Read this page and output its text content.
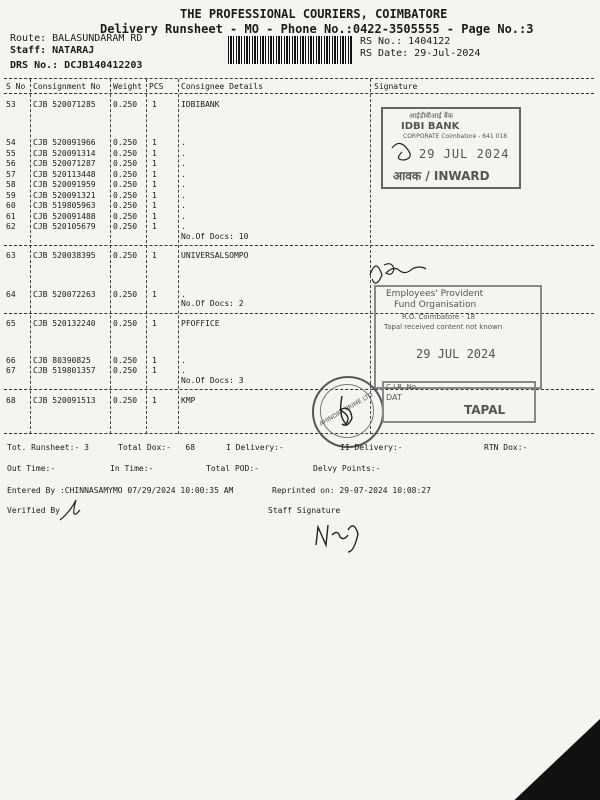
THE PROFESSIONAL COURIERS, COIMBATORE
Delivery Runsheet - MO - Phone No.:0422-3505555 - Page No.:3
Route: BALASUNDARAM RD
Staff: NATARAJ
DRS No.: DCJB140412203
RS No.: 1404122
RS Date: 29-Jul-2024
S No Consignment No Weight PCS Consignee Details	Signature
53 CJB 520071285 0.250 1	IDBIBANK
54 CJB 520091966 0.250 1	.
55 CJB 520091314 0.250 1	.
56 CJB 520071287 0.250 1	.
57 CJB 520113448 0.250 1	.
58 CJB 520091959 0.250 1	.
59 CJB 520091321 0.250 1	.
60 CJB 519805963 0.250 1	.
61 CJB 520091488 0.250 1	.
62 CJB 520105679 0.250 1	.
No.Of Docs: 10
63 CJB 520038395 0.250 1	UNIVERSALSOMPO
64 CJB 520072263 0.250 1	.
No.Of Docs: 2
65 CJB 520132240 0.250 1	PFOFFICE
66 CJB 80390825	0.250 1	.
67 CJB 519801357 0.250 1	.
No.Of Docs: 3
68 CJB 520091513 0.250 1	KMP
आईडीबीआई बैंक
IDBI BANK
CORPORATE Coimbatore - 641 018
29 JUL 2024
आवक / INWARD
Employees' Provident
Fund Organisation
R.O. Coimbatore - 18
Tapal received content not known
29 JUL 2024
AHINDRA PRIME LTD
C.I.R. No.
DAT
TAPAL
Tot. Runsheet:- 3	Total Dox:-   68	I Delivery:-	II Delivery:-	RTN Dox:-
Out Time:-	In Time:-	Total POD:-	Delvy Points:-
Entered By :CHINNASAMYMO 07/29/2024 10:00:35 AM	Reprinted on: 29-07-2024 10:08:27
Verified By	Staff Signature
